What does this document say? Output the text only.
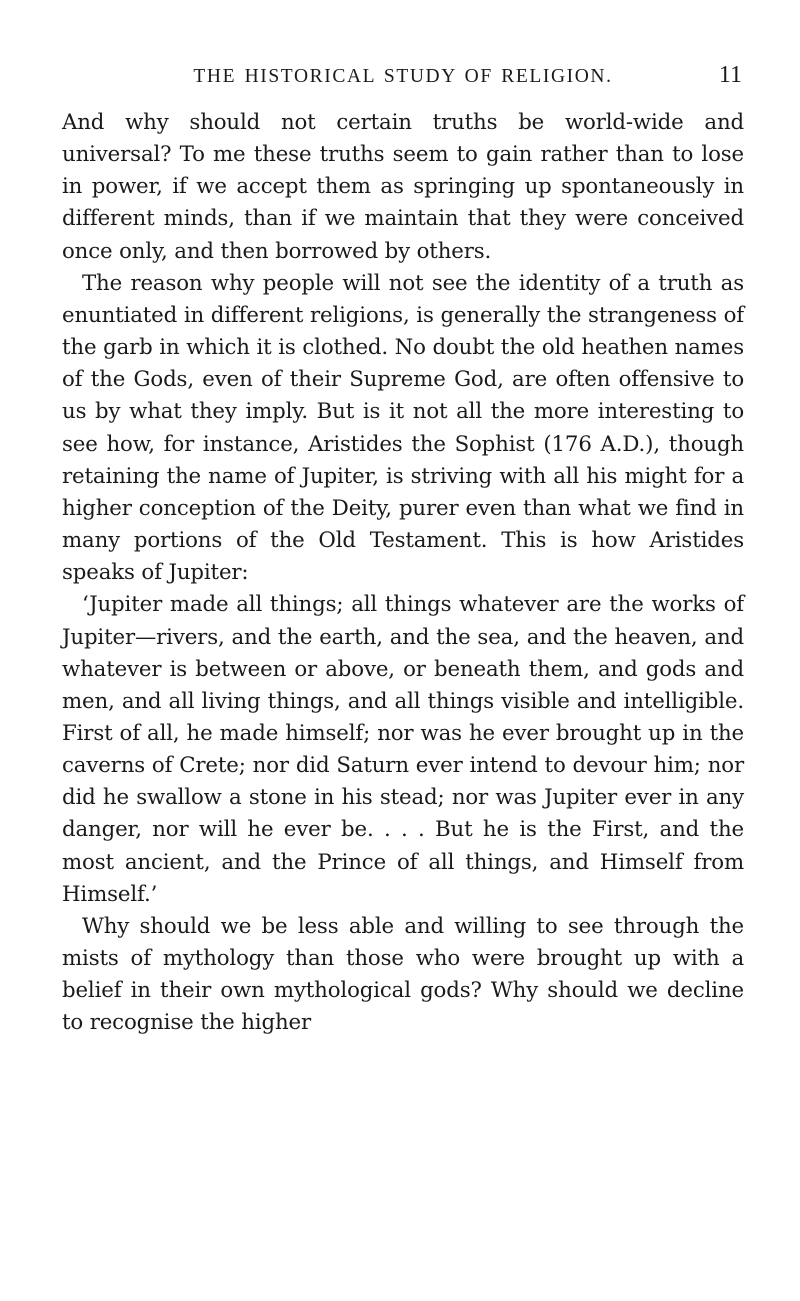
THE HISTORICAL STUDY OF RELIGION.	11

And why should not certain truths be world-wide and universal? To me these truths seem to gain rather than to lose in power, if we accept them as springing up spontaneously in different minds, than if we maintain that they were conceived once only, and then borrowed by others.

The reason why people will not see the identity of a truth as enuntiated in different religions, is generally the strangeness of the garb in which it is clothed. No doubt the old heathen names of the Gods, even of their Supreme God, are often offensive to us by what they imply. But is it not all the more interesting to see how, for instance, Aristides the Sophist (176 A.D.), though retaining the name of Jupiter, is striving with all his might for a higher conception of the Deity, purer even than what we find in many portions of the Old Testament. This is how Aristides speaks of Jupiter:

‘Jupiter made all things; all things whatever are the works of Jupiter—rivers, and the earth, and the sea, and the heaven, and whatever is between or above, or beneath them, and gods and men, and all living things, and all things visible and intelligible. First of all, he made himself; nor was he ever brought up in the caverns of Crete; nor did Saturn ever intend to devour him; nor did he swallow a stone in his stead; nor was Jupiter ever in any danger, nor will he ever be. . . . But he is the First, and the most ancient, and the Prince of all things, and Himself from Himself.’

Why should we be less able and willing to see through the mists of mythology than those who were brought up with a belief in their own mythological gods? Why should we decline to recognise the higher
